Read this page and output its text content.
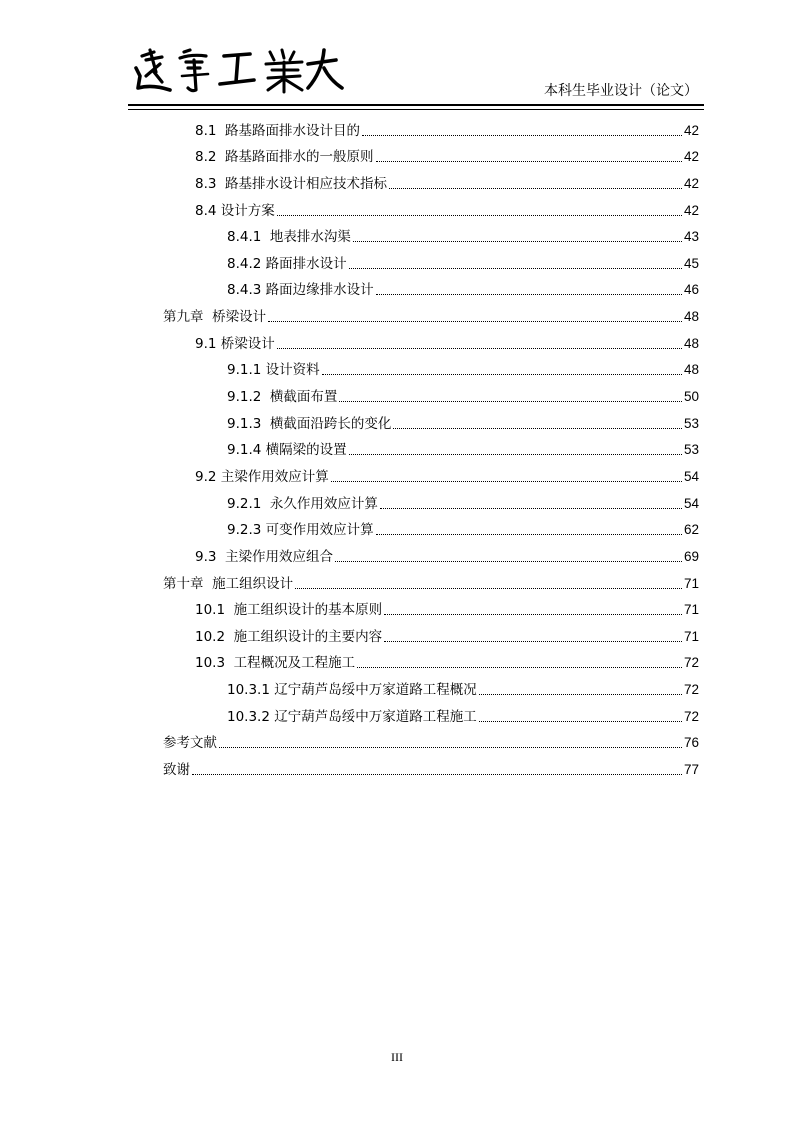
本科生毕业设计（论文）
8.1  路基路面排水设计目的	42
8.2  路基路面排水的一般原则	42
8.3  路基排水设计相应技术指标	42
8.4 设计方案	42
8.4.1  地表排水沟渠	43
8.4.2 路面排水设计	45
8.4.3 路面边缘排水设计	46
第九章  桥梁设计	48
9.1 桥梁设计	48
9.1.1 设计资料	48
9.1.2  横截面布置	50
9.1.3  横截面沿跨长的变化	53
9.1.4 横隔梁的设置	53
9.2 主梁作用效应计算	54
9.2.1  永久作用效应计算	54
9.2.3 可变作用效应计算	62
9.3  主梁作用效应组合	69
第十章  施工组织设计	71
10.1  施工组织设计的基本原则	71
10.2  施工组织设计的主要内容	71
10.3  工程概况及工程施工	72
10.3.1 辽宁葫芦岛绥中万家道路工程概况	72
10.3.2 辽宁葫芦岛绥中万家道路工程施工	72
参考文献	76
致谢	77
III
